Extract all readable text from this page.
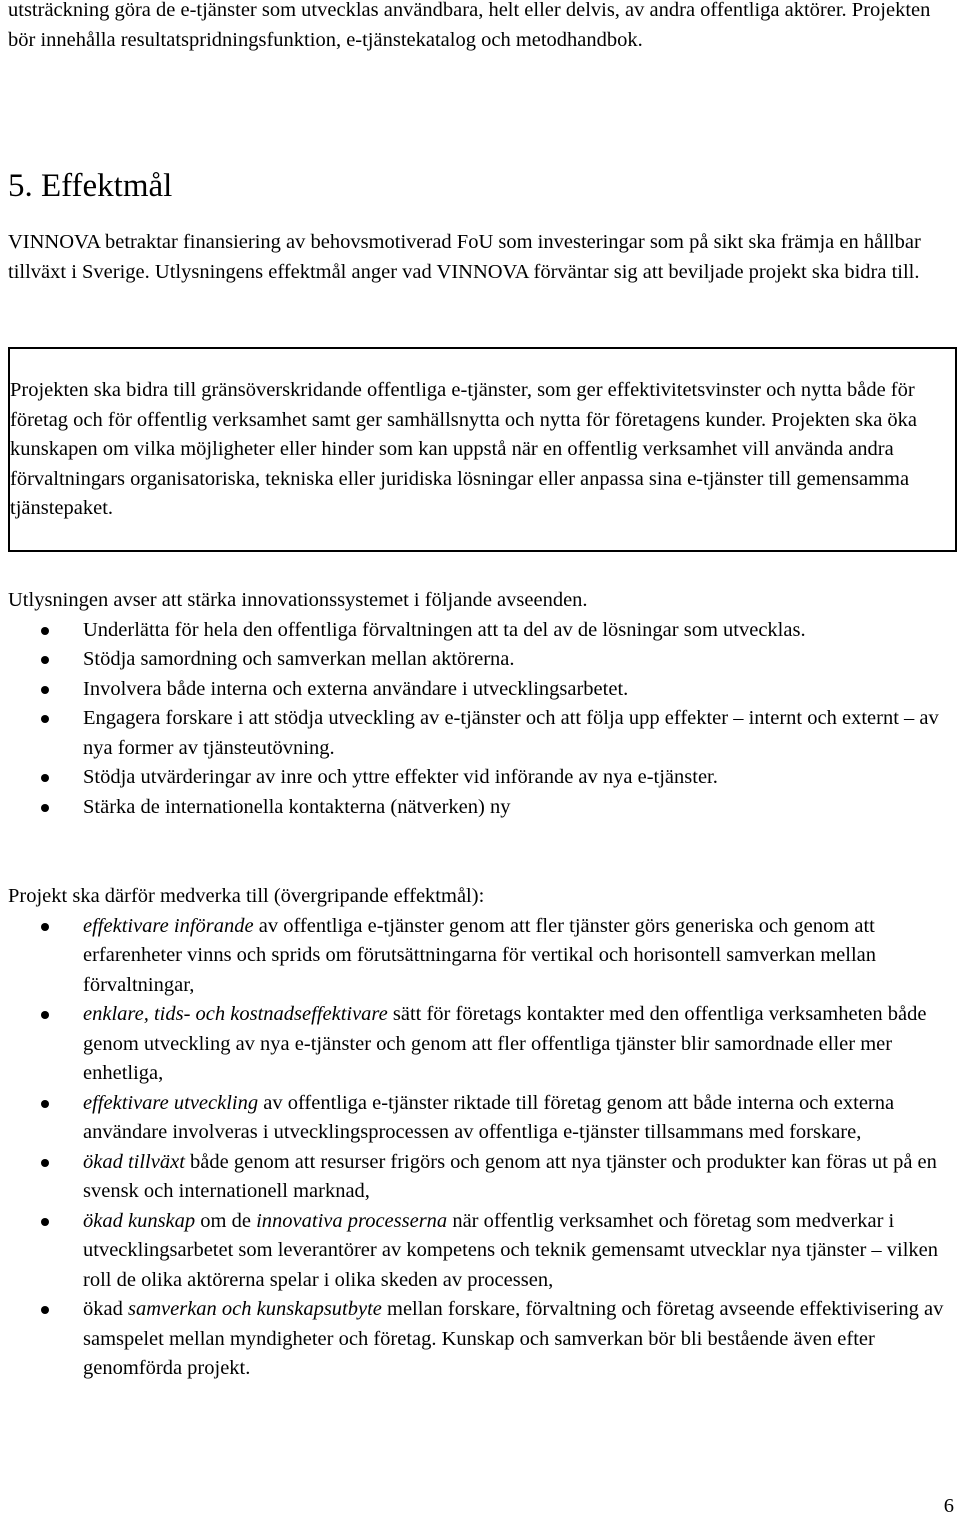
utsträckning göra de e-tjänster som utvecklas användbara, helt eller delvis, av andra offentliga aktörer. Projekten bör innehålla resultatspridningsfunktion, e-tjänstekatalog och metodhandbok.

5. Effektmål

VINNOVA betraktar finansiering av behovsmotiverad FoU som investeringar som på sikt ska främja en hållbar tillväxt i Sverige. Utlysningens effektmål anger vad VINNOVA förväntar sig att beviljade projekt ska bidra till.

Projekten ska bidra till gränsöverskridande offentliga e-tjänster, som ger effektivitetsvinster och nytta både för företag och för offentlig verksamhet samt ger samhällsnytta och nytta för företagens kunder. Projekten ska öka kunskapen om vilka möjligheter eller hinder som kan uppstå när en offentlig verksamhet vill använda andra förvaltningars organisatoriska, tekniska eller juridiska lösningar eller anpassa sina e-tjänster till gemensamma tjänstepaket.

Utlysningen avser att stärka innovationssystemet i följande avseenden.

Underlätta för hela den offentliga förvaltningen att ta del av de lösningar som utvecklas.
Stödja samordning och samverkan mellan aktörerna.
Involvera både interna och externa användare i utvecklingsarbetet.
Engagera forskare i att stödja utveckling av e-tjänster och att följa upp effekter – internt och externt – av nya former av tjänsteutövning.
Stödja utvärderingar av inre och yttre effekter vid införande av nya e-tjänster.
Stärka de internationella kontakterna (nätverken) ny

Projekt ska därför medverka till (övergripande effektmål):

effektivare införande av offentliga e-tjänster genom att fler tjänster görs generiska och genom att erfarenheter vinns och sprids om förutsättningarna för vertikal och horisontell samverkan mellan förvaltningar,
enklare, tids- och kostnadseffektivare sätt för företags kontakter med den offentliga verksamheten både genom utveckling av nya e-tjänster och genom att fler offentliga tjänster blir samordnade eller mer enhetliga,
effektivare utveckling av offentliga e-tjänster riktade till företag genom att både interna och externa användare involveras i utvecklingsprocessen av offentliga e-tjänster tillsammans med forskare,
ökad tillväxt både genom att resurser frigörs och genom att nya tjänster och produkter kan föras ut på en svensk och internationell marknad,
ökad kunskap om de innovativa processerna när offentlig verksamhet och företag som medverkar i utvecklingsarbetet som leverantörer av kompetens och teknik gemensamt utvecklar nya tjänster – vilken roll de olika aktörerna spelar i olika skeden av processen,
ökad samverkan och kunskapsutbyte mellan forskare, förvaltning och företag avseende effektivisering av samspelet mellan myndigheter och företag. Kunskap och samverkan bör bli bestående även efter genomförda projekt.
6
